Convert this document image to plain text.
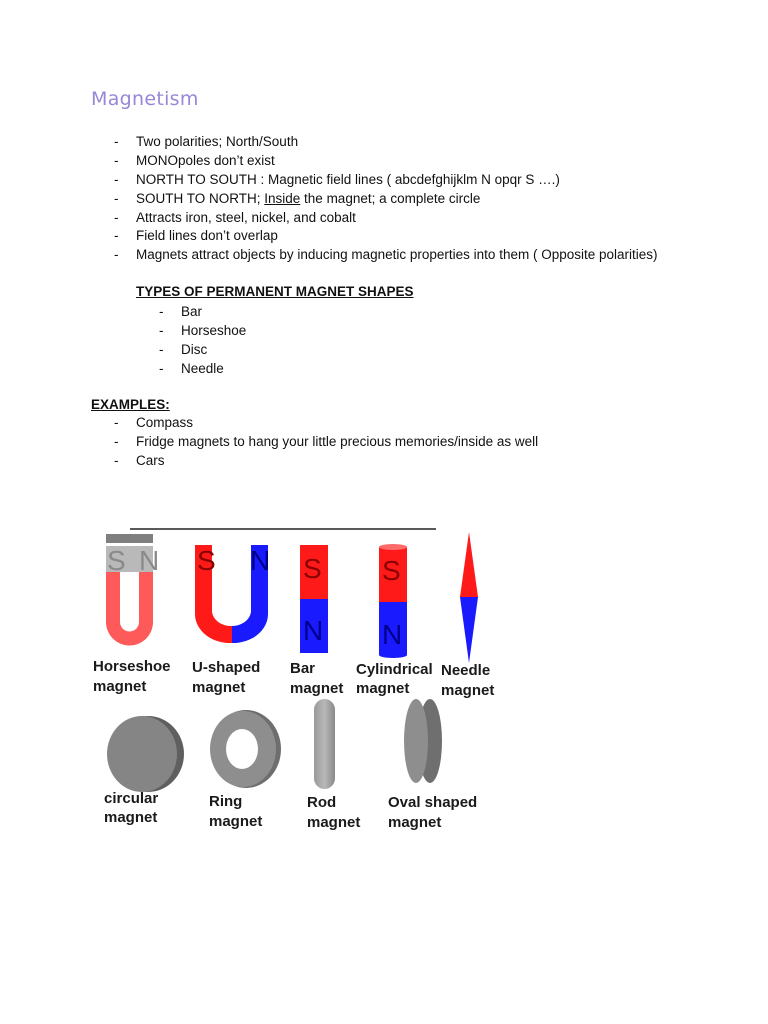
Magnetism
- Two polarities; North/South
- MONOpoles don’t exist
- NORTH TO SOUTH : Magnetic field lines ( abcdefghijklm N opqr S ….)
- SOUTH TO NORTH; Inside the magnet; a complete circle
- Attracts iron, steel, nickel, and cobalt
- Field lines don’t overlap
- Magnets attract objects by inducing magnetic properties into them ( Opposite polarities)
TYPES OF PERMANENT MAGNET SHAPES
- Bar
- Horseshoe
- Disc
- Needle
EXAMPLES:
- Compass
- Fridge magnets to hang your little precious memories/inside as well
- Cars
S N S N S
N
S
N
Horseshoe
magnet
U-shaped
magnet
Bar
magnet
Cylindrical
magnet
Needle
magnet
circular
magnet
Ring
magnet
Rod
magnet
Oval shaped
magnet
